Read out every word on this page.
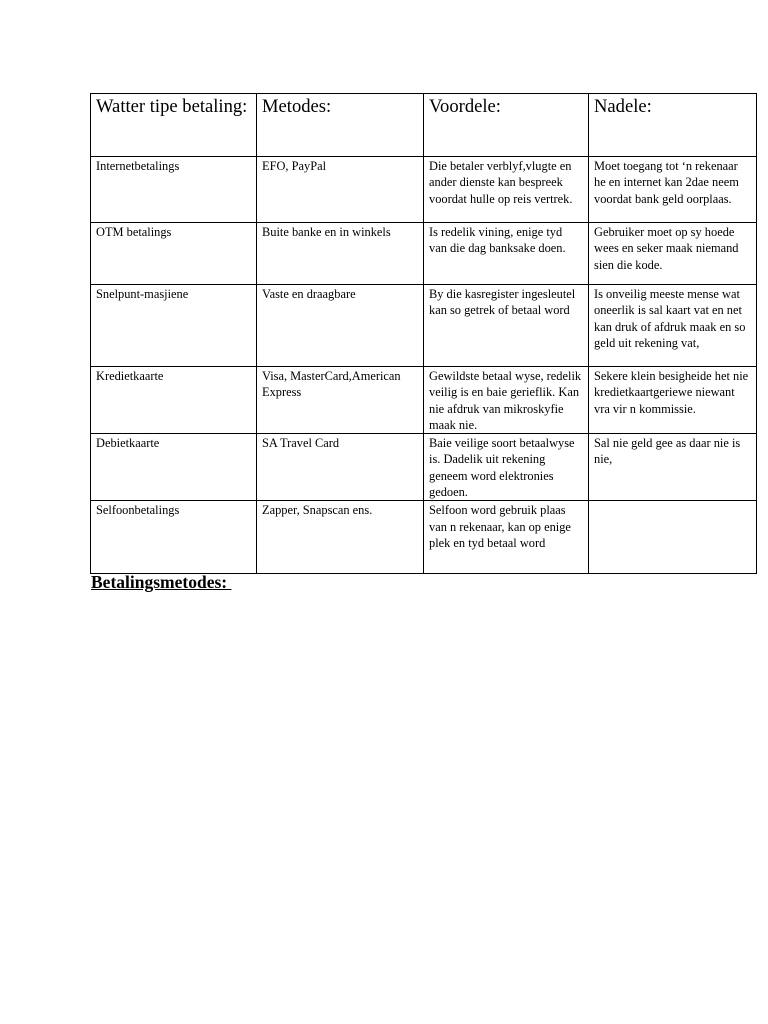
Watter tipe betaling:	Metodes:	Voordele:	Nadele:
Internetbetalings	EFO, PayPal	Die betaler verblyf,vlugte en ander dienste kan bespreek voordat hulle op reis vertrek.	Moet toegang tot ‘n rekenaar he en internet kan 2dae neem voordat bank geld oorplaas.
OTM betalings	Buite banke en in winkels	Is redelik vining, enige tyd van die dag banksake doen.	Gebruiker moet op sy hoede wees en seker maak niemand sien die kode.
Snelpunt-masjiene	Vaste en draagbare	By die kasregister ingesleutel kan so getrek of betaal word	Is onveilig meeste mense wat oneerlik is sal kaart vat en net kan druk of afdruk maak en so geld uit rekening vat,
Kredietkaarte	Visa, MasterCard,American Express	Gewildste betaal wyse, redelik veilig is en baie gerieflik. Kan nie afdruk van mikroskyfie maak nie.	Sekere klein besigheide het nie kredietkaartgeriewe niewant vra vir n kommissie.
Debietkaarte	SA Travel Card	Baie veilige soort betaalwyse is. Dadelik uit rekening geneem word elektronies gedoen.	Sal nie geld gee as daar nie is nie,
Selfoonbetalings	Zapper, Snapscan ens.	Selfoon word gebruik plaas van n rekenaar, kan op enige plek en tyd betaal word	
Betalingsmetodes:
